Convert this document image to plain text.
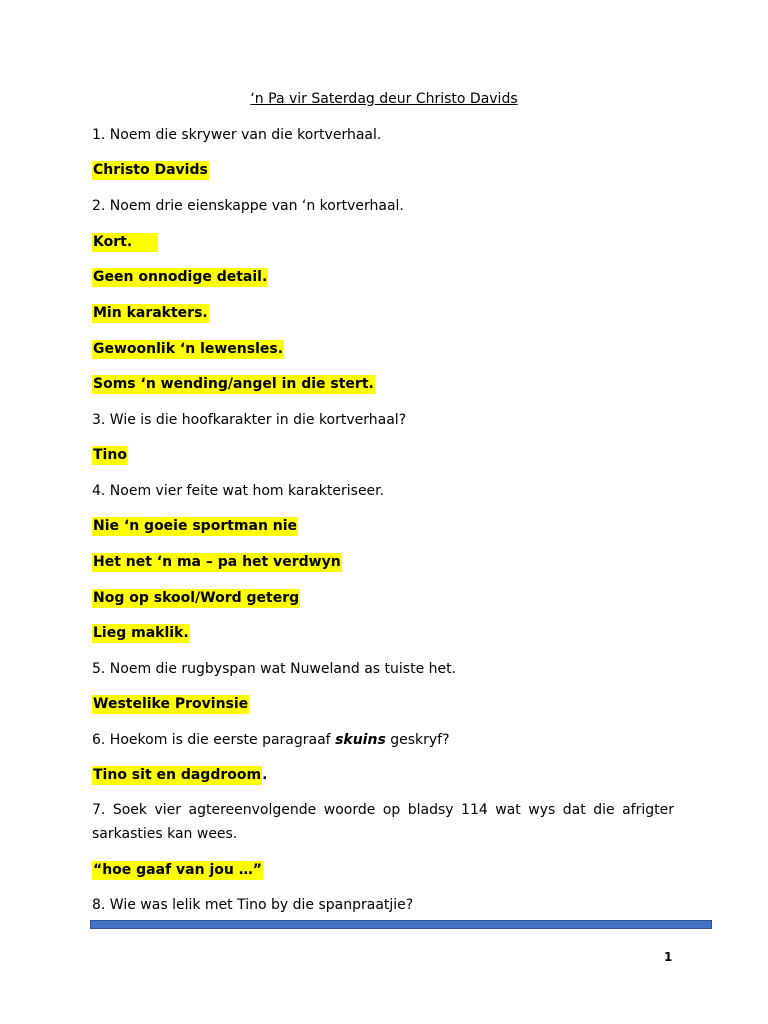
‘n Pa vir Saterdag deur Christo Davids
1. Noem die skrywer van die kortverhaal.
Christo Davids
2. Noem drie eienskappe van ‘n kortverhaal.
Kort.
Geen onnodige detail.
Min karakters.
Gewoonlik ‘n lewensles.
Soms ‘n wending/angel in die stert.
3. Wie is die hoofkarakter in die kortverhaal?
Tino
4. Noem vier feite wat hom karakteriseer.
Nie ‘n goeie sportman nie
Het net ‘n ma – pa het verdwyn
Nog op skool/Word geterg
Lieg maklik.
5. Noem die rugbyspan wat Nuweland as tuiste het.
Westelike Provinsie
6. Hoekom is die eerste paragraaf skuins geskryf?
Tino sit en dagdroom.
7. Soek vier agtereenvolgende woorde op bladsy 114 wat wys dat die afrigter sarkasties kan wees.
“hoe gaaf van jou …”
8. Wie was lelik met Tino by die spanpraatjie?
1
